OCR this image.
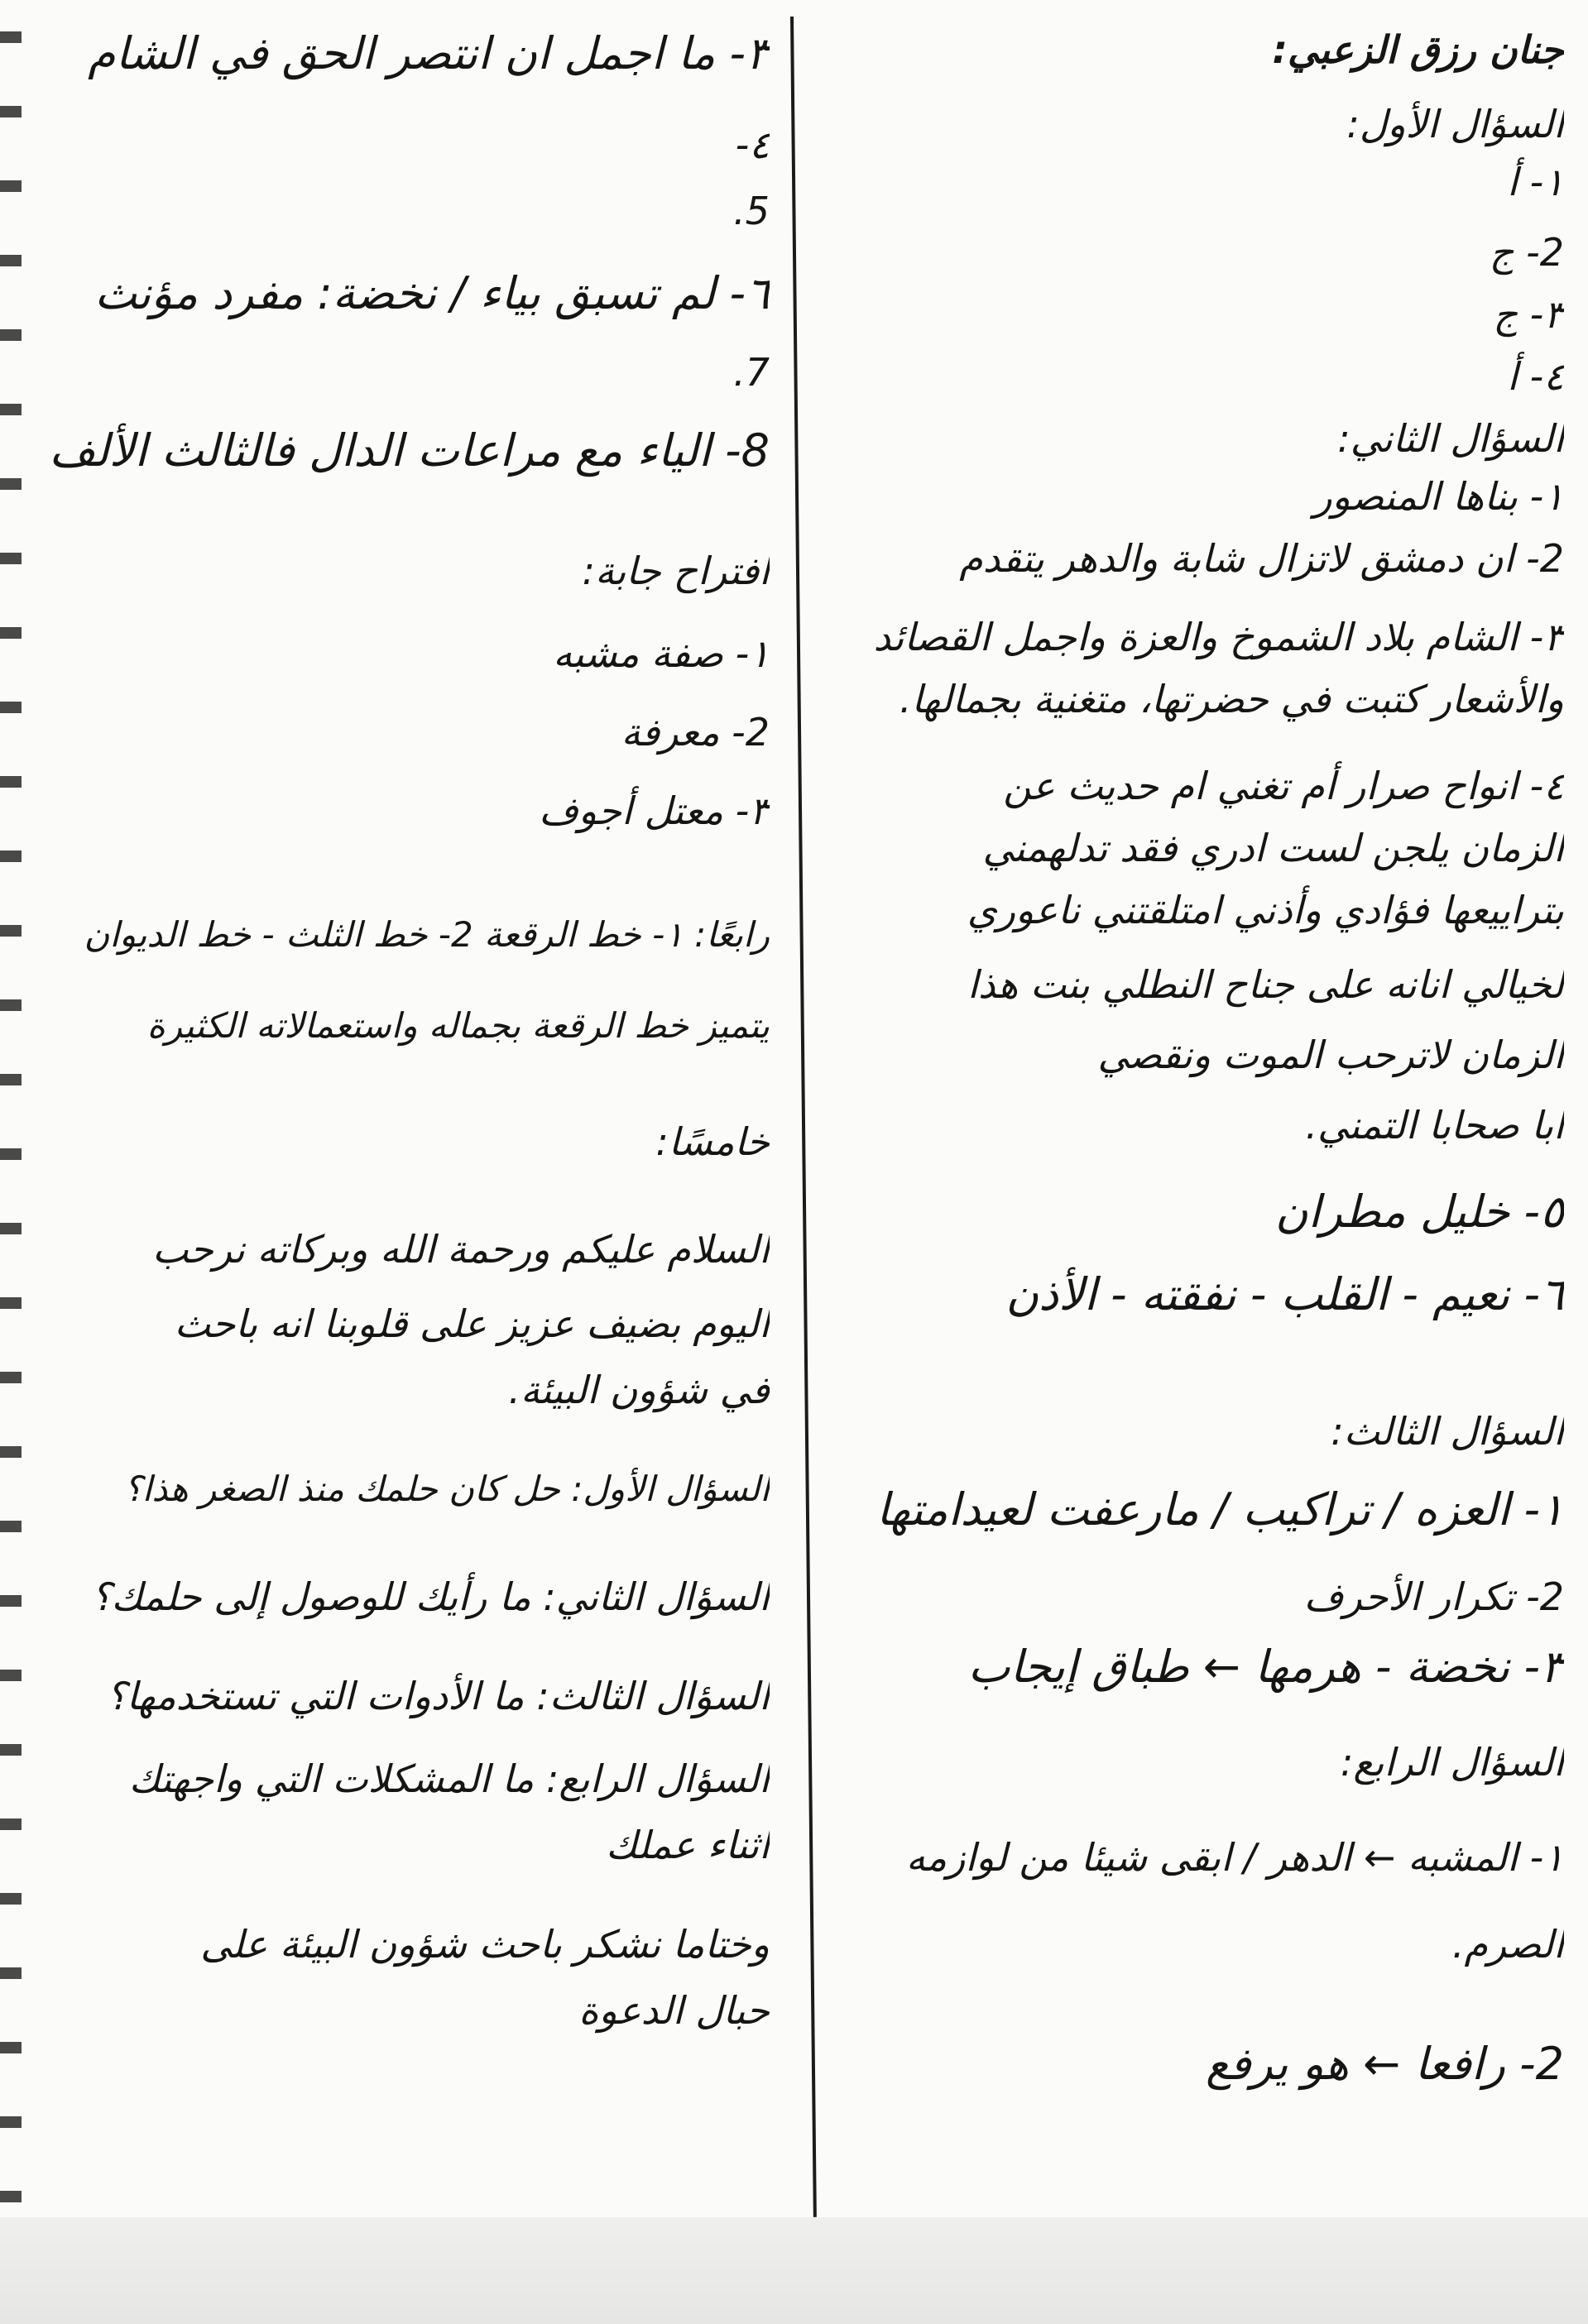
جنان رزق الزعبي:
السؤال الأول:
١- أ
2- ج
٣- ج
٤- أ
السؤال الثاني:
١- بناها المنصور
2- ان دمشق لاتزال شابة والدهر يتقدم
٣- الشام بلاد الشموخ والعزة واجمل القصائد
والأشعار كتبت في حضرتها، متغنية بجمالها.
٤- انواح صرار أم تغني ام حديث عن
الزمان يلجن لست ادري فقد تدلهمني
بتراييعها فؤادي وأذني امتلقتني ناعوري
لخيالي انانه على جناح النطلي بنت هذا
الزمان لاترحب الموت ونقصي
ابا صحابا التمني.
٥- خليل مطران
٦- نعيم - القلب - نفقته - الأذن
السؤال الثالث:
١- العزه / تراكيب / مارعفت لعيدامتها
2- تكرار الأحرف
٣- نخضة - هرمها ← طباق إيجاب
السؤال الرابع:
١- المشبه ← الدهر / ابقى شيئا من لوازمه
الصرم.
2- رافعا ← هو يرفع
٣- ما اجمل ان انتصر الحق في الشام
٤-
5.
٦- لم تسبق بياء / نخضة: مفرد مؤنث
7.
8- الياء مع مراعات الدال فالثالث الألف
افتراح جابة:
١- صفة مشبه
2- معرفة
٣- معتل أجوف
رابعًا: ١- خط الرقعة 2- خط الثلث - خط الديوان
يتميز خط الرقعة بجماله واستعمالاته الكثيرة
خامسًا:
السلام عليكم ورحمة الله وبركاته نرحب
اليوم بضيف عزيز على قلوبنا انه باحث
في شؤون البيئة.
السؤال الأول: حل كان حلمك منذ الصغر هذا؟
السؤال الثاني: ما رأيك للوصول إلى حلمك؟
السؤال الثالث: ما الأدوات التي تستخدمها؟
السؤال الرابع: ما المشكلات التي واجهتك
اثناء عملك
وختاما نشكر باحث شؤون البيئة على
حبال الدعوة
